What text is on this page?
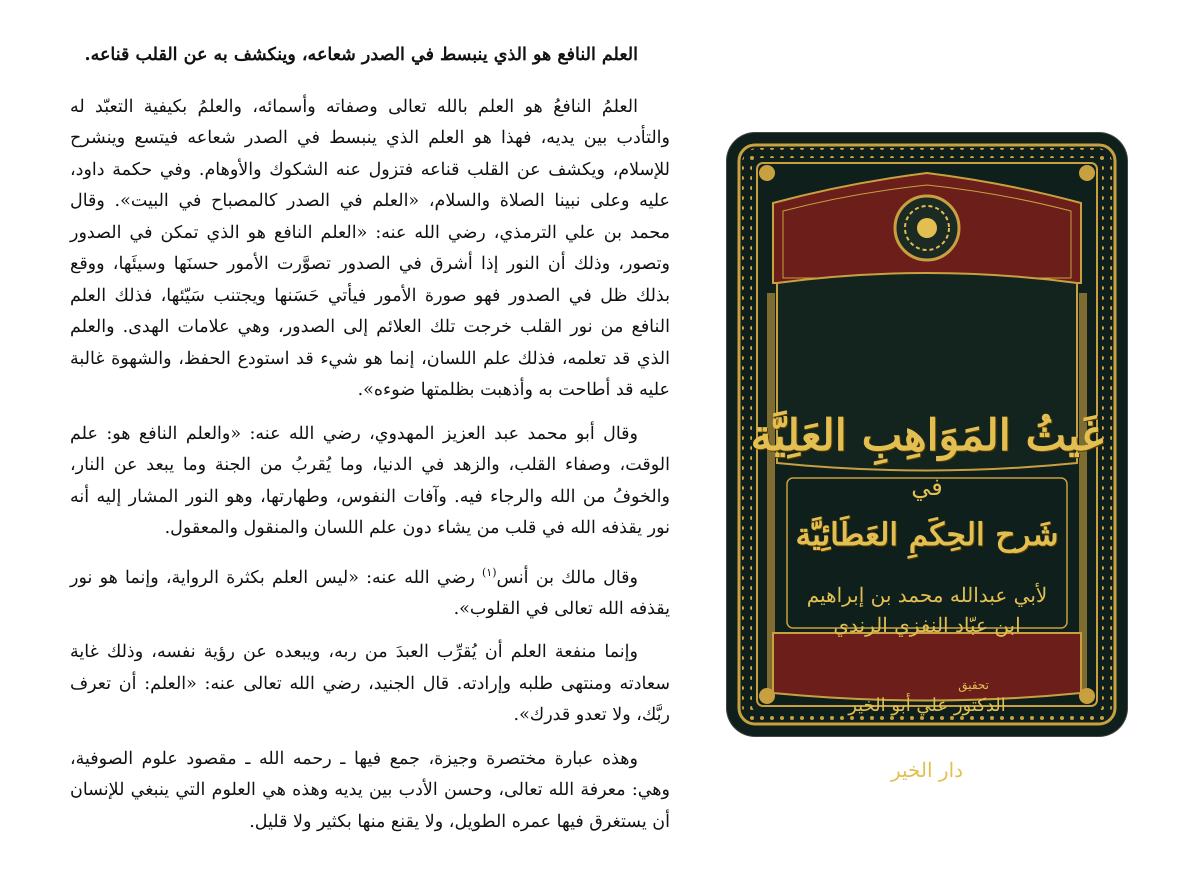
العلم النافع هو الذي ينبسط في الصدر شعاعه، وينكشف به عن القلب قناعه.

العلمُ النافعُ هو العلم بالله تعالى وصفاته وأسمائه، والعلمُ بكيفية التعبّد له والتأدب بين يديه، فهذا هو العلم الذي ينبسط في الصدر شعاعه فيتسع وينشرح للإسلام، ويكشف عن القلب قناعه فتزول عنه الشكوك والأوهام. وفي حكمة داود، عليه وعلى نبينا الصلاة والسلام، «العلم في الصدر كالمصباح في البيت». وقال محمد بن علي الترمذي، رضي الله عنه: «العلم النافع هو الذي تمكن في الصدور وتصور، وذلك أن النور إذا أشرق في الصدور تصوَّرت الأمور حسنَها وسيئَها، ووقع بذلك ظل في الصدور فهو صورة الأمور فيأتي حَسَنها ويجتنب سَيّئها، فذلك العلم النافع من نور القلب خرجت تلك العلائم إلى الصدور، وهي علامات الهدى. والعلم الذي قد تعلمه، فذلك علم اللسان، إنما هو شيء قد استودع الحفظ، والشهوة غالبة عليه قد أطاحت به وأذهبت بظلمتها ضوءه».

وقال أبو محمد عبد العزيز المهدوي، رضي الله عنه: «والعلم النافع هو: علم الوقت، وصفاء القلب، والزهد في الدنيا، وما يُقربُ من الجنة وما يبعد عن النار، والخوفُ من الله والرجاء فيه. وآفات النفوس، وطهارتها، وهو النور المشار إليه أنه نور يقذفه الله في قلب من يشاء دون علم اللسان والمنقول والمعقول.

وقال مالك بن أنس$^{(١)}$ رضي الله عنه: «ليس العلم بكثرة الرواية، وإنما هو نور يقذفه الله تعالى في القلوب».

وإنما منفعة العلم أن يُقرِّب العبدَ من ربه، ويبعده عن رؤية نفسه، وذلك غاية سعادته ومنتهى طلبه وإرادته. قال الجنيد، رضي الله تعالى عنه: «العلم: أن تعرف ربَّك، ولا تعدو قدرك».

وهذه عبارة مختصرة وجيزة، جمع فيها ـ رحمه الله ـ مقصود علوم الصوفية، وهي: معرفة الله تعالى، وحسن الأدب بين يديه وهذه هي العلوم التي ينبغي للإنسان أن يستغرق فيها عمره الطويل، ولا يقنع منها بكثير ولا قليل.

غَيثُ المَوَاهِبِ العَلِيَّة
في
شَرح الحِكَمِ العَطَائِيَّة
لأبي عبدالله محمد بن إبراهيم
ابن عبّاد النفزي الرندي
تحقيق
الدكتور علي أبو الخير
دار الخير
